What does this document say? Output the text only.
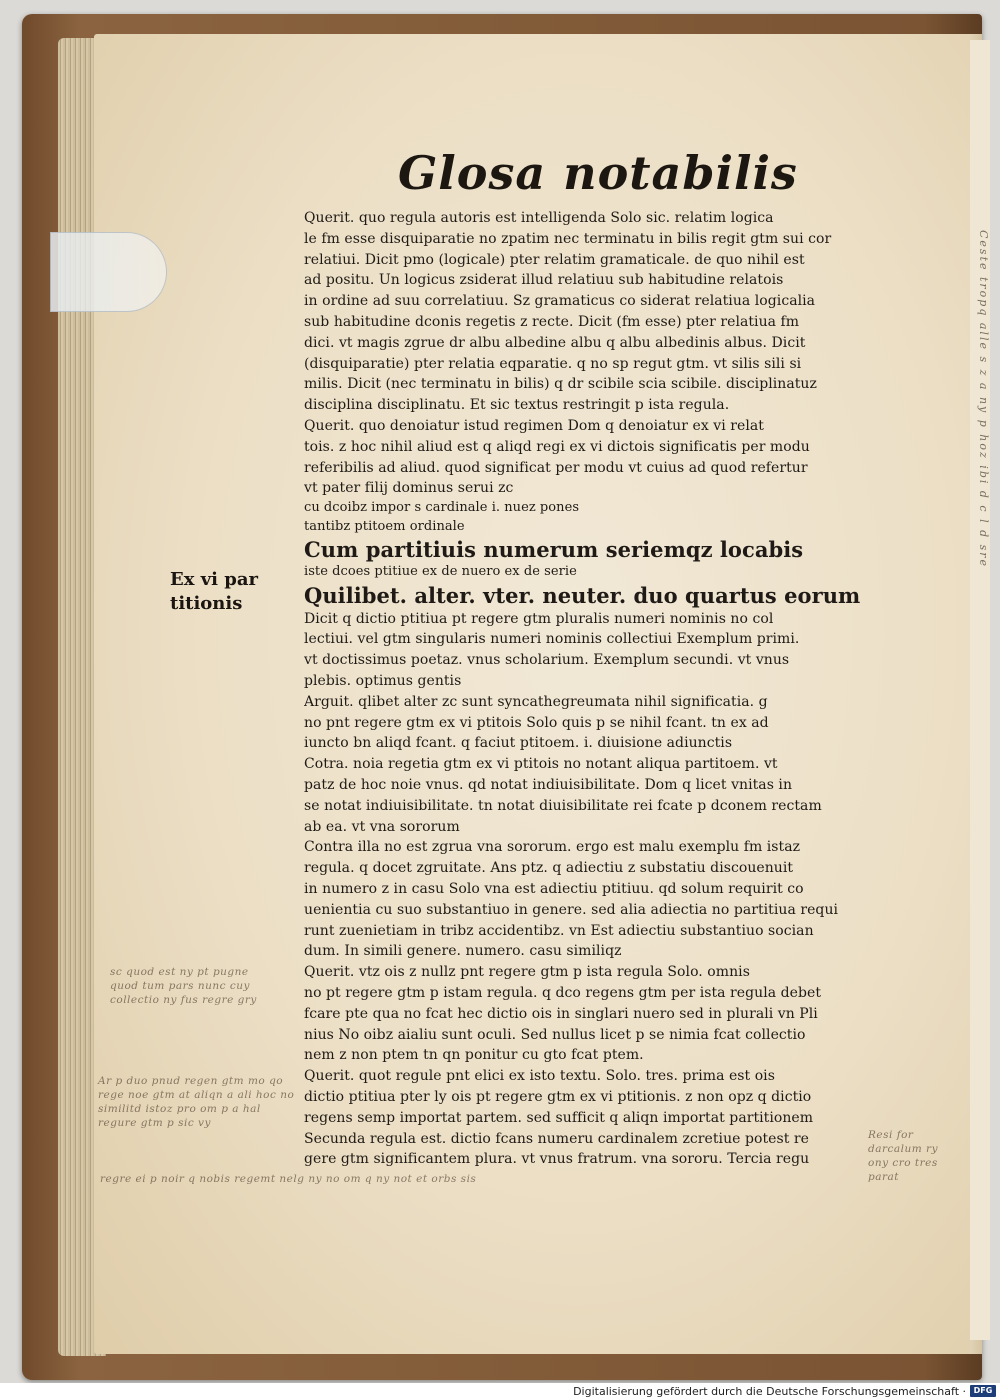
Ceste tropq alle s z a ny p hoz ibi d c l d sre
Glosa notabilis
Ex vi par
titionis
Querit. quo regula autoris est intelligenda Solo sic. relatim logica
le fm esse disquiparatie no zpatim nec terminatu in bilis regit gtm sui cor
relatiui. Dicit pmo (logicale) pter relatim gramaticale. de quo nihil est
ad positu. Un logicus zsiderat illud relatiuu sub habitudine relatois
in ordine ad suu correlatiuu. Sz gramaticus co siderat relatiua logicalia
sub habitudine dconis regetis z recte. Dicit (fm esse) pter relatiua fm
dici. vt magis zgrue dr albu albedine albu q albu albedinis albus. Dicit
(disquiparatie) pter relatia eqparatie. q no sp regut gtm. vt silis sili si
milis. Dicit (nec terminatu in bilis) q dr scibile scia scibile. disciplinatuz
disciplina disciplinatu. Et sic textus restringit p ista regula.
Querit. quo denoiatur istud regimen Dom q denoiatur ex vi relat
tois. z hoc nihil aliud est q aliqd regi ex vi dictois significatis per modu
referibilis ad aliud. quod significat per modu vt cuius ad quod refertur
vt pater filij dominus serui zc
cu dcoibz impor s cardinale i. nuez pones
tantibz ptitoem ordinale
Cum partitiuis numerum seriemqz locabis
iste dcoes ptitiue ex de nuero ex de serie
Quilibet. alter. vter. neuter. duo quartus eorum
Dicit q dictio ptitiua pt regere gtm pluralis numeri nominis no col
lectiui. vel gtm singularis numeri nominis collectiui Exemplum primi.
vt doctissimus poetaz. vnus scholarium. Exemplum secundi. vt vnus
plebis. optimus gentis
Arguit. qlibet alter zc sunt syncathegreumata nihil significatia. g
no pnt regere gtm ex vi ptitois Solo quis p se nihil fcant. tn ex ad
iuncto bn aliqd fcant. q faciut ptitoem. i. diuisione adiunctis
Cotra. noia regetia gtm ex vi ptitois no notant aliqua partitoem. vt
patz de hoc noie vnus. qd notat indiuisibilitate. Dom q licet vnitas in
se notat indiuisibilitate. tn notat diuisibilitate rei fcate p dconem rectam
ab ea. vt vna sororum
Contra illa no est zgrua vna sororum. ergo est malu exemplu fm istaz
regula. q docet zgruitate. Ans ptz. q adiectiu z substatiu discouenuit
in numero z in casu Solo vna est adiectiu ptitiuu. qd solum requirit co
uenientia cu suo substantiuo in genere. sed alia adiectia no partitiua requi
runt zuenietiam in tribz accidentibz. vn Est adiectiu substantiuo socian
dum. In simili genere. numero. casu similiqz
Querit. vtz ois z nullz pnt regere gtm p ista regula Solo. omnis
no pt regere gtm p istam regula. q dco regens gtm per ista regula debet
fcare pte qua no fcat hec dictio ois in singlari nuero sed in plurali vn Pli
nius No oibz aialiu sunt oculi. Sed nullus licet p se nimia fcat collectio
nem z non ptem tn qn ponitur cu gto fcat ptem.
Querit. quot regule pnt elici ex isto textu. Solo. tres. prima est ois
dictio ptitiua pter ly ois pt regere gtm ex vi ptitionis. z non opz q dictio
regens semp importat partem. sed sufficit q aliqn importat partitionem
Secunda regula est. dictio fcans numeru cardinalem zcretiue potest re
gere gtm significantem plura. vt vnus fratrum. vna sororu. Tercia regu
sc quod est ny pt pugne quod tum pars nunc cuy collectio ny fus regre gry
Ar p duo pnud regen gtm mo qo rege noe gtm at aliqn a ali hoc no similitd istoz pro om p a hal regure gtm p sic vy
regre ei p noir q nobis regemt nelg ny no om q ny not et orbs sis
Resi for darcalum ry ony cro tres parat
Digitalisierung gefördert durch die Deutsche Forschungsgemeinschaft · DFG
